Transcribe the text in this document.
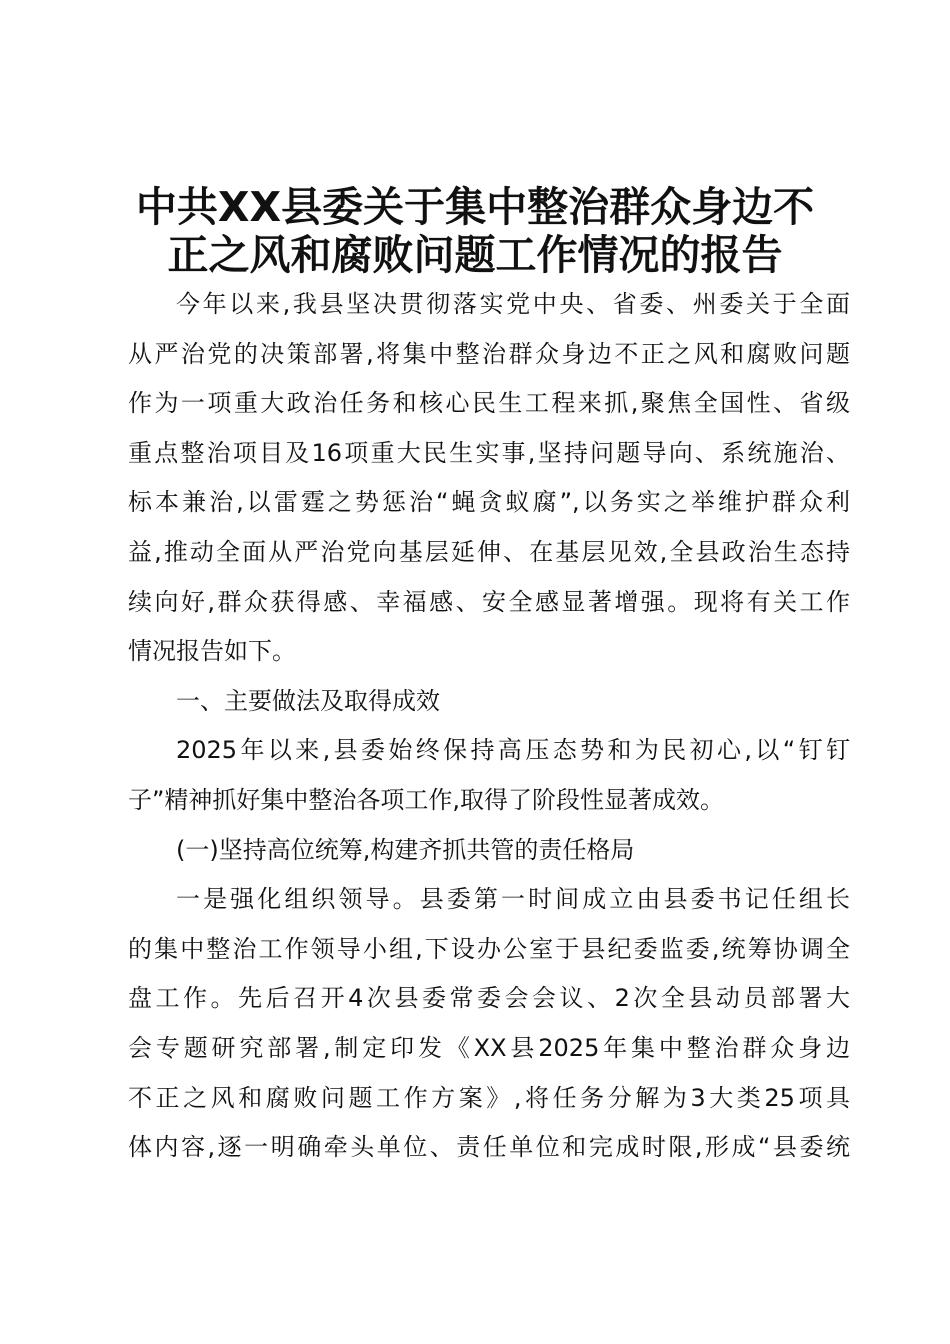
中共XX县委关于集中整治群众身边不
正之风和腐败问题工作情况的报告
今年以来,我县坚决贯彻落实党中央、省委、州委关于全面
从严治党的决策部署,将集中整治群众身边不正之风和腐败问题
作为一项重大政治任务和核心民生工程来抓,聚焦全国性、省级
重点整治项目及16项重大民生实事,坚持问题导向、系统施治、
标本兼治,以雷霆之势惩治“蝇贪蚁腐”,以务实之举维护群众利
益,推动全面从严治党向基层延伸、在基层见效,全县政治生态持
续向好,群众获得感、幸福感、安全感显著增强。现将有关工作
情况报告如下。
一、主要做法及取得成效
2025年以来,县委始终保持高压态势和为民初心,以“钉钉
子”精神抓好集中整治各项工作,取得了阶段性显著成效。
(一)坚持高位统筹,构建齐抓共管的责任格局
一是强化组织领导。县委第一时间成立由县委书记任组长
的集中整治工作领导小组,下设办公室于县纪委监委,统筹协调全
盘工作。先后召开4次县委常委会会议、2次全县动员部署大
会专题研究部署,制定印发《XX县2025年集中整治群众身边
不正之风和腐败问题工作方案》,将任务分解为3大类25项具
体内容,逐一明确牵头单位、责任单位和完成时限,形成“县委统
